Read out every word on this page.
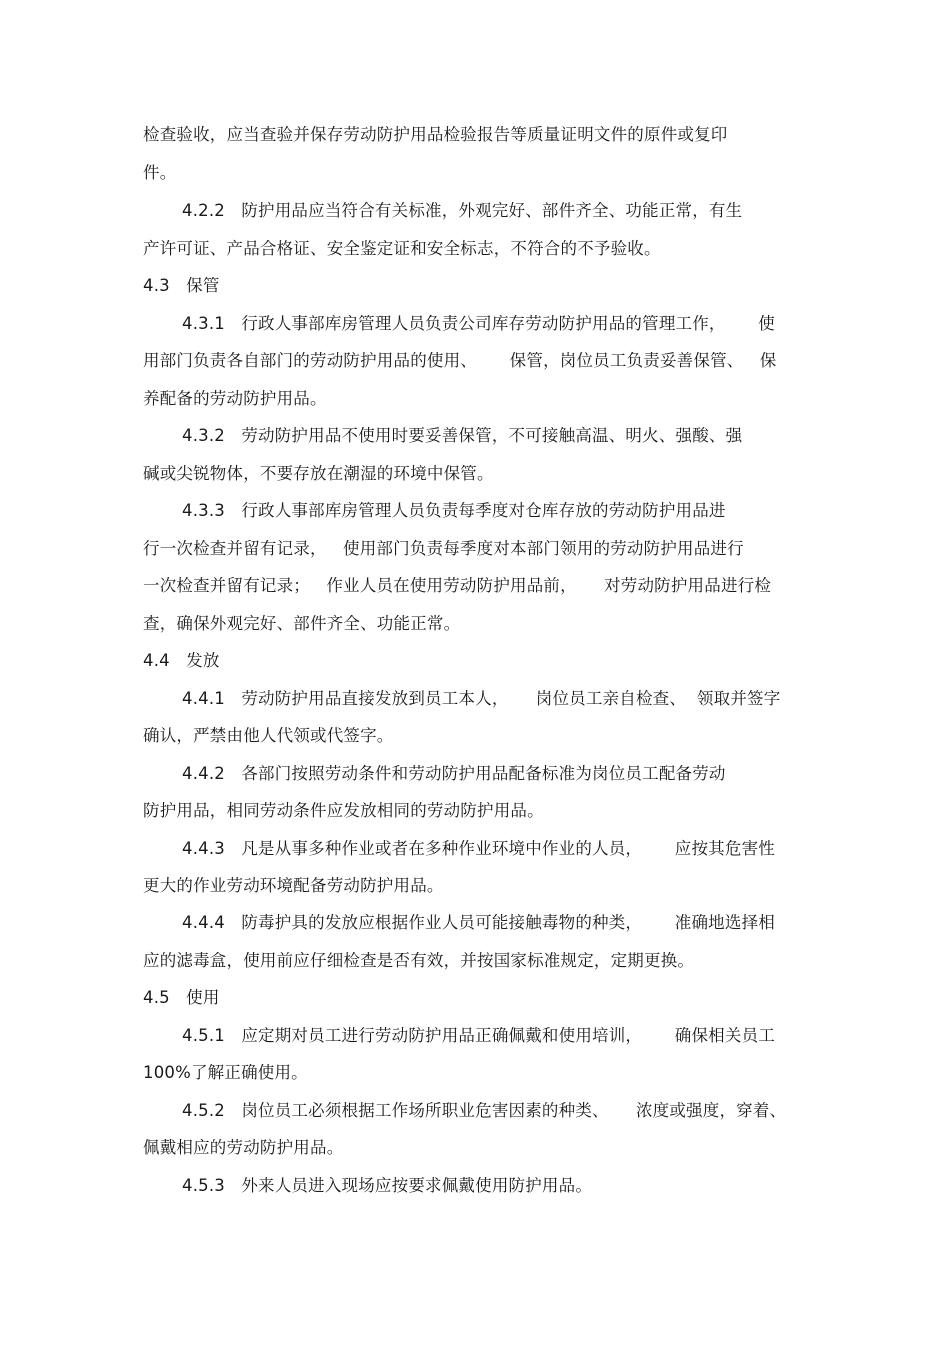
检查验收，应当查验并保存劳动防护用品检验报告等质量证明文件的原件或复印
件。
4.2.2   防护用品应当符合有关标准，外观完好、部件齐全、功能正常，有生
产许可证、产品合格证、安全鉴定证和安全标志，不符合的不予验收。
4.3   保管
4.3.1   行政人事部库房管理人员负责公司库存劳动防护用品的管理工作，      使
用部门负责各自部门的劳动防护用品的使用、      保管，岗位员工负责妥善保管、   保
养配备的劳动防护用品。
4.3.2   劳动防护用品不使用时要妥善保管，不可接触高温、明火、强酸、强
碱或尖锐物体，不要存放在潮湿的环境中保管。
4.3.3   行政人事部库房管理人员负责每季度对仓库存放的劳动防护用品进
行一次检查并留有记录，   使用部门负责每季度对本部门领用的劳动防护用品进行
一次检查并留有记录；   作业人员在使用劳动防护用品前，     对劳动防护用品进行检
查，确保外观完好、部件齐全、功能正常。
4.4   发放
4.4.1   劳动防护用品直接发放到员工本人，     岗位员工亲自检查、  领取并签字
确认，严禁由他人代领或代签字。
4.4.2   各部门按照劳动条件和劳动防护用品配备标准为岗位员工配备劳动
防护用品，相同劳动条件应发放相同的劳动防护用品。
4.4.3   凡是从事多种作业或者在多种作业环境中作业的人员，      应按其危害性
更大的作业劳动环境配备劳动防护用品。
4.4.4   防毒护具的发放应根据作业人员可能接触毒物的种类，      准确地选择相
应的滤毒盒，使用前应仔细检查是否有效，并按国家标准规定，定期更换。
4.5   使用
4.5.1   应定期对员工进行劳动防护用品正确佩戴和使用培训，      确保相关员工
100%了解正确使用。
4.5.2   岗位员工必须根据工作场所职业危害因素的种类、     浓度或强度，穿着、
佩戴相应的劳动防护用品。
4.5.3   外来人员进入现场应按要求佩戴使用防护用品。
